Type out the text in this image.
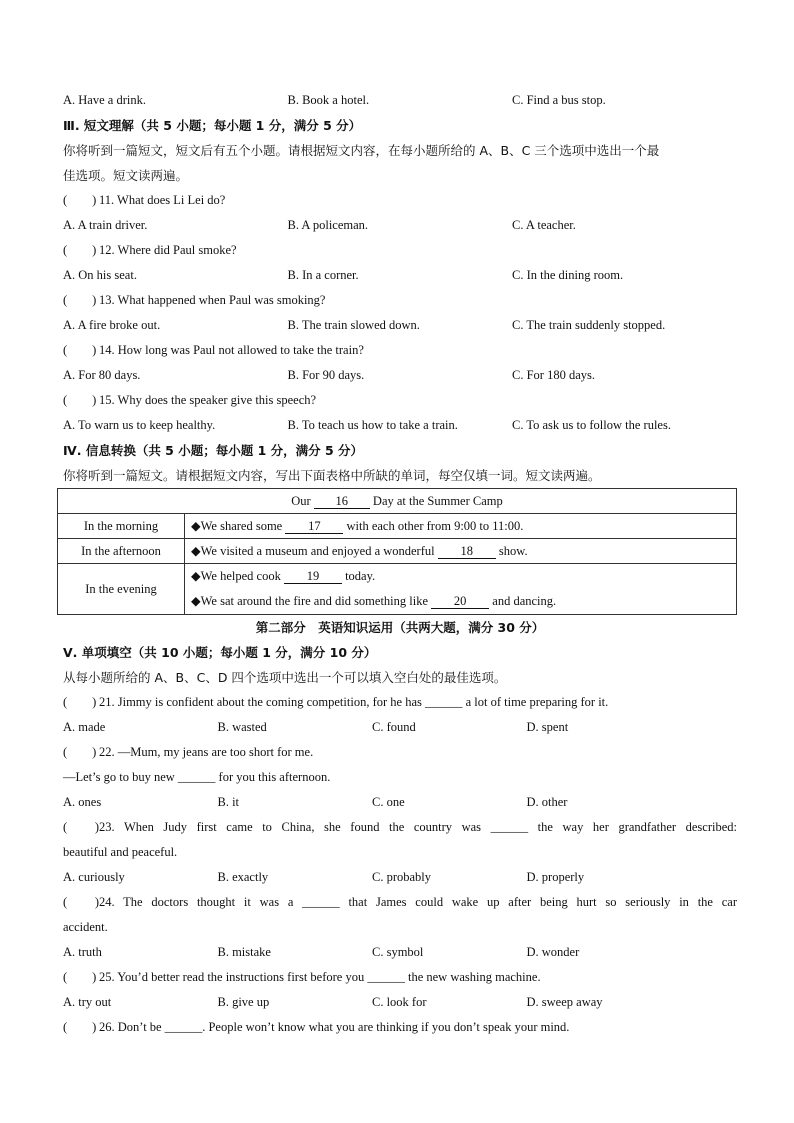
A. Have a drink.	B. Book a hotel.	C. Find a bus stop.
Ⅲ. 短文理解（共 5 小题；每小题 1 分，满分 5 分）
你将听到一篇短文，短文后有五个小题。请根据短文内容，在每小题所给的 A、B、C 三个选项中选出一个最
佳选项。短文读两遍。
(　　) 11. What does Li Lei do?
A. A train driver.	B. A policeman.	C. A teacher.
(　　) 12. Where did Paul smoke?
A. On his seat.	B. In a corner.	C. In the dining room.
(　　) 13. What happened when Paul was smoking?
A. A fire broke out.	B. The train slowed down.	C. The train suddenly stopped.
(　　) 14. How long was Paul not allowed to take the train?
A. For 80 days.	B. For 90 days.	C. For 180 days.
(　　) 15. Why does the speaker give this speech?
A. To warn us to keep healthy.	B. To teach us how to take a train.	C. To ask us to follow the rules.
Ⅳ. 信息转换（共 5 小题；每小题 1 分，满分 5 分）
你将听到一篇短文。请根据短文内容，写出下面表格中所缺的单词，每空仅填一词。短文读两遍。
Our 16 Day at the Summer Camp	
In the morning	◆We shared some 17 with each other from 9:00 to 11:00.
In the afternoon	◆We visited a museum and enjoyed a wonderful 18 show.
In the evening	◆We helped cook 19 today.
◆We sat around the fire and did something like 20 and dancing.
第二部分　英语知识运用（共两大题，满分 30 分）
Ⅴ. 单项填空（共 10 小题；每小题 1 分，满分 10 分）
从每小题所给的 A、B、C、D 四个选项中选出一个可以填入空白处的最佳选项。
(　　) 21. Jimmy is confident about the coming competition, for he has ______ a lot of time preparing for it.
A. made	B. wasted	C. found	D. spent
(　　) 22. —Mum, my jeans are too short for me.
—Let’s go to buy new ______ for you this afternoon.
A. ones	B. it	C. one	D. other
(　　)23. When Judy first came to China, she found the country was ______ the way her grandfather described:
beautiful and peaceful.
A. curiously	B. exactly	C. probably	D. properly
(　　)24. The doctors thought it was a ______ that James could wake up after being hurt so seriously in the car
accident.
A. truth	B. mistake	C. symbol	D. wonder
(　　) 25. You’d better read the instructions first before you ______ the new washing machine.
A. try out	B. give up	C. look for	D. sweep away
(　　) 26. Don’t be ______. People won’t know what you are thinking if you don’t speak your mind.
